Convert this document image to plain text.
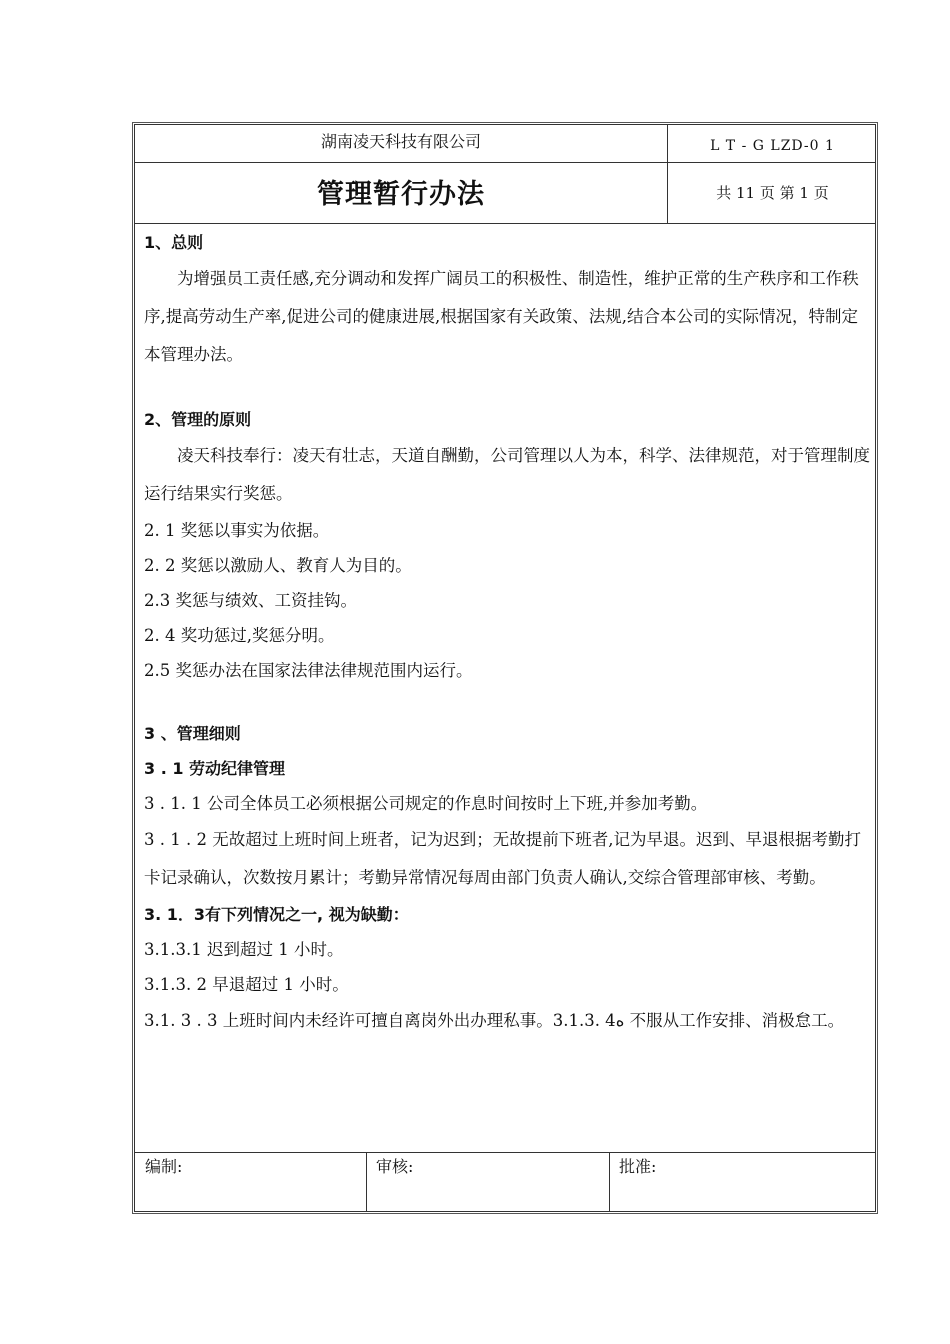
湖南凌天科技有限公司	L T - G LZD-0 1
管理暂行办法	共 11 页 第 1 页

1、总则

为增强员工责任感,充分调动和发挥广阔员工的积极性、制造性，维护正常的生产秩序和工作秩序,提高劳动生产率,促进公司的健康进展,根据国家有关政策、法规,结合本公司的实际情况，特制定本管理办法。

2、管理的原则

凌天科技奉行：凌天有壮志，天道自酬勤，公司管理以人为本，科学、法律规范，对于管理制度运行结果实行奖惩。

2. 1 奖惩以事实为依据。

2. 2 奖惩以激励人、教育人为目的。

2.3 奖惩与绩效、工资挂钩。

2. 4 奖功惩过,奖惩分明。

2.5 奖惩办法在国家法律法律规范围内运行。

3 、管理细则

3 . 1 劳动纪律管理

3 . 1. 1 公司全体员工必须根据公司规定的作息时间按时上下班,并参加考勤。

3 . 1 . 2 无故超过上班时间上班者，记为迟到；无故提前下班者,记为早退。迟到、早退根据考勤打卡记录确认，次数按月累计；考勤异常情况每周由部门负责人确认,交综合管理部审核、考勤。

3. 1．3有下列情况之一, 视为缺勤：

3.1.3.1 迟到超过 1 小时。

3.1.3. 2 早退超过 1 小时。

3.1. 3 . 3 上班时间内未经许可擅自离岗外出办理私事。3.1.3. 4ه 不服从工作安排、消极怠工。

编制:	审核:	批准:
